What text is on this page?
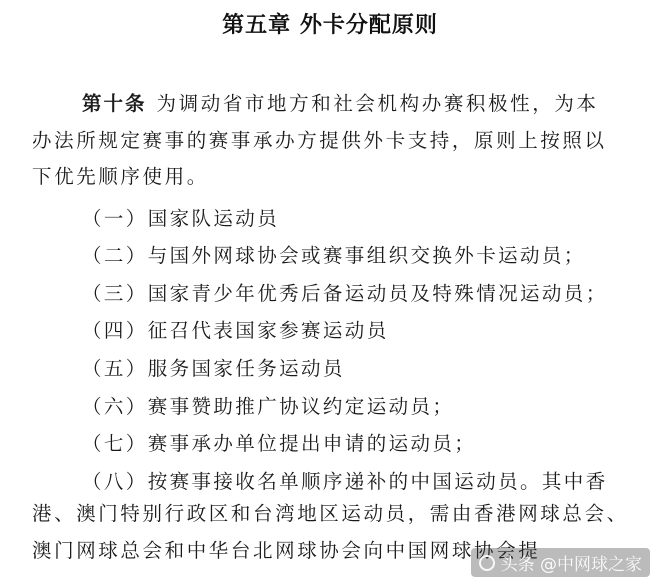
第五章 外卡分配原则
第十条 为调动省市地方和社会机构办赛积极性，为本
办法所规定赛事的赛事承办方提供外卡支持，原则上按照以
下优先顺序使用。
（一）国家队运动员
（二）与国外网球协会或赛事组织交换外卡运动员；
（三）国家青少年优秀后备运动员及特殊情况运动员；
（四）征召代表国家参赛运动员
（五）服务国家任务运动员
（六）赛事赞助推广协议约定运动员；
（七）赛事承办单位提出申请的运动员；
（八）按赛事接收名单顺序递补的中国运动员。其中香
港、澳门特别行政区和台湾地区运动员，需由香港网球总会、
澳门网球总会和中华台北网球协会向中国网球协会提
头条 @中网球之家
